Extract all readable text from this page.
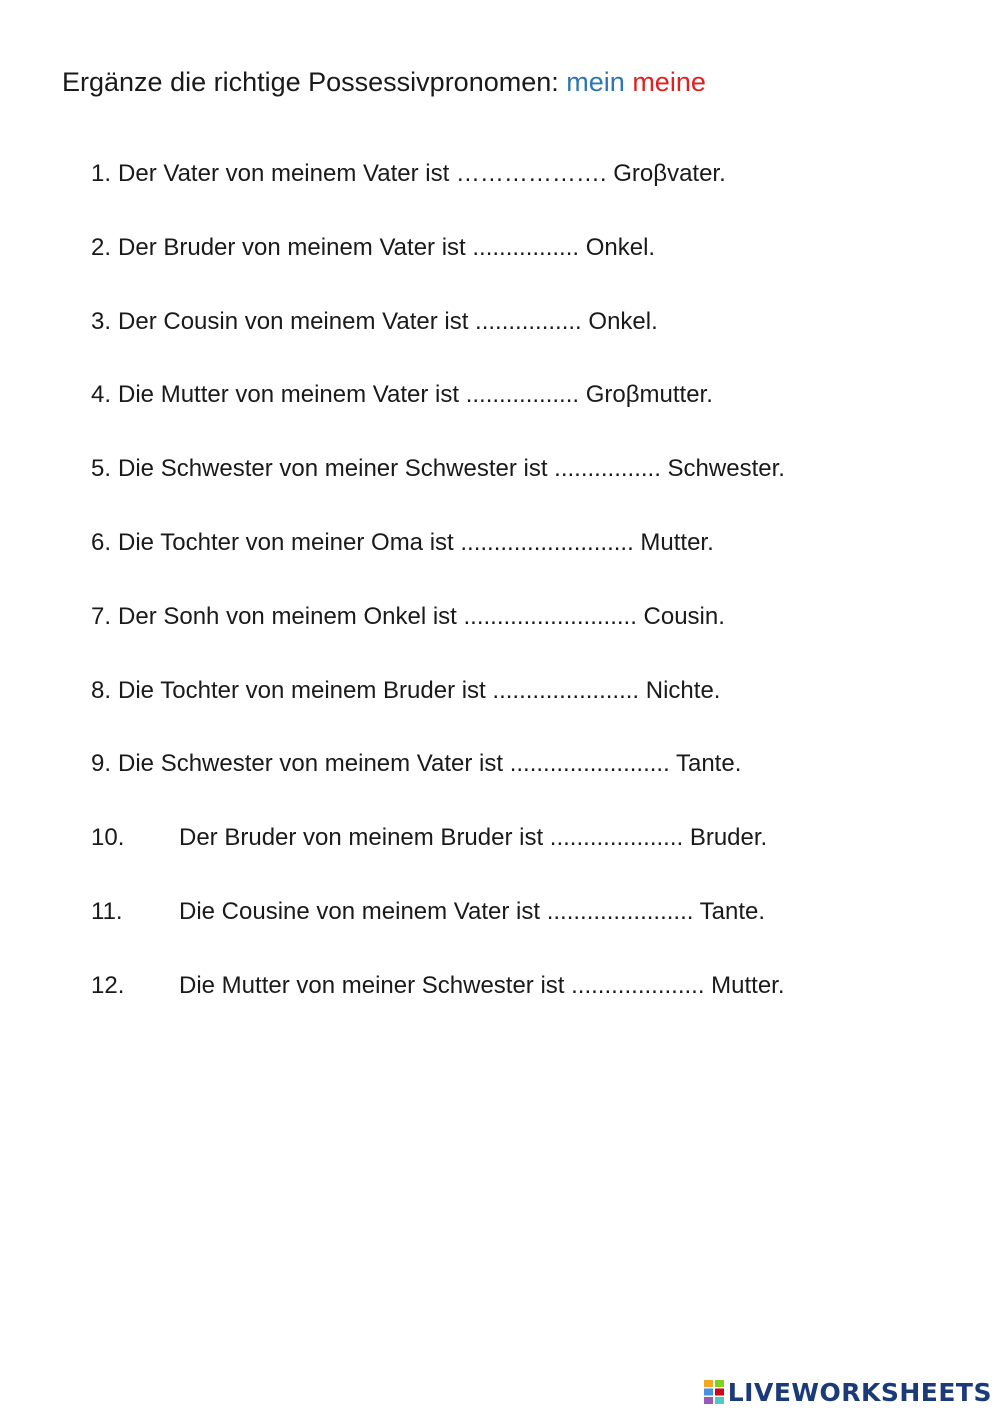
Ergänze die richtige Possessivpronomen: mein meine
1. Der Vater von meinem Vater ist ………………. Groβvater.
2. Der Bruder von meinem Vater ist ................ Onkel.
3. Der Cousin von meinem Vater ist ................ Onkel.
4. Die Mutter von meinem Vater ist ................. Groβmutter.
5. Die Schwester von meiner Schwester ist ................ Schwester.
6. Die Tochter von meiner Oma ist .......................... Mutter.
7. Der Sonh von meinem Onkel ist .......................... Cousin.
8. Die Tochter von meinem Bruder ist ...................... Nichte.
9. Die Schwester von meinem Vater ist ........................ Tante.
10.	Der Bruder von meinem Bruder ist .................... Bruder.
11.	Die Cousine von meinem Vater ist ...................... Tante.
12.	Die Mutter von meiner Schwester ist .................... Mutter.
LIVEWORKSHEETS
